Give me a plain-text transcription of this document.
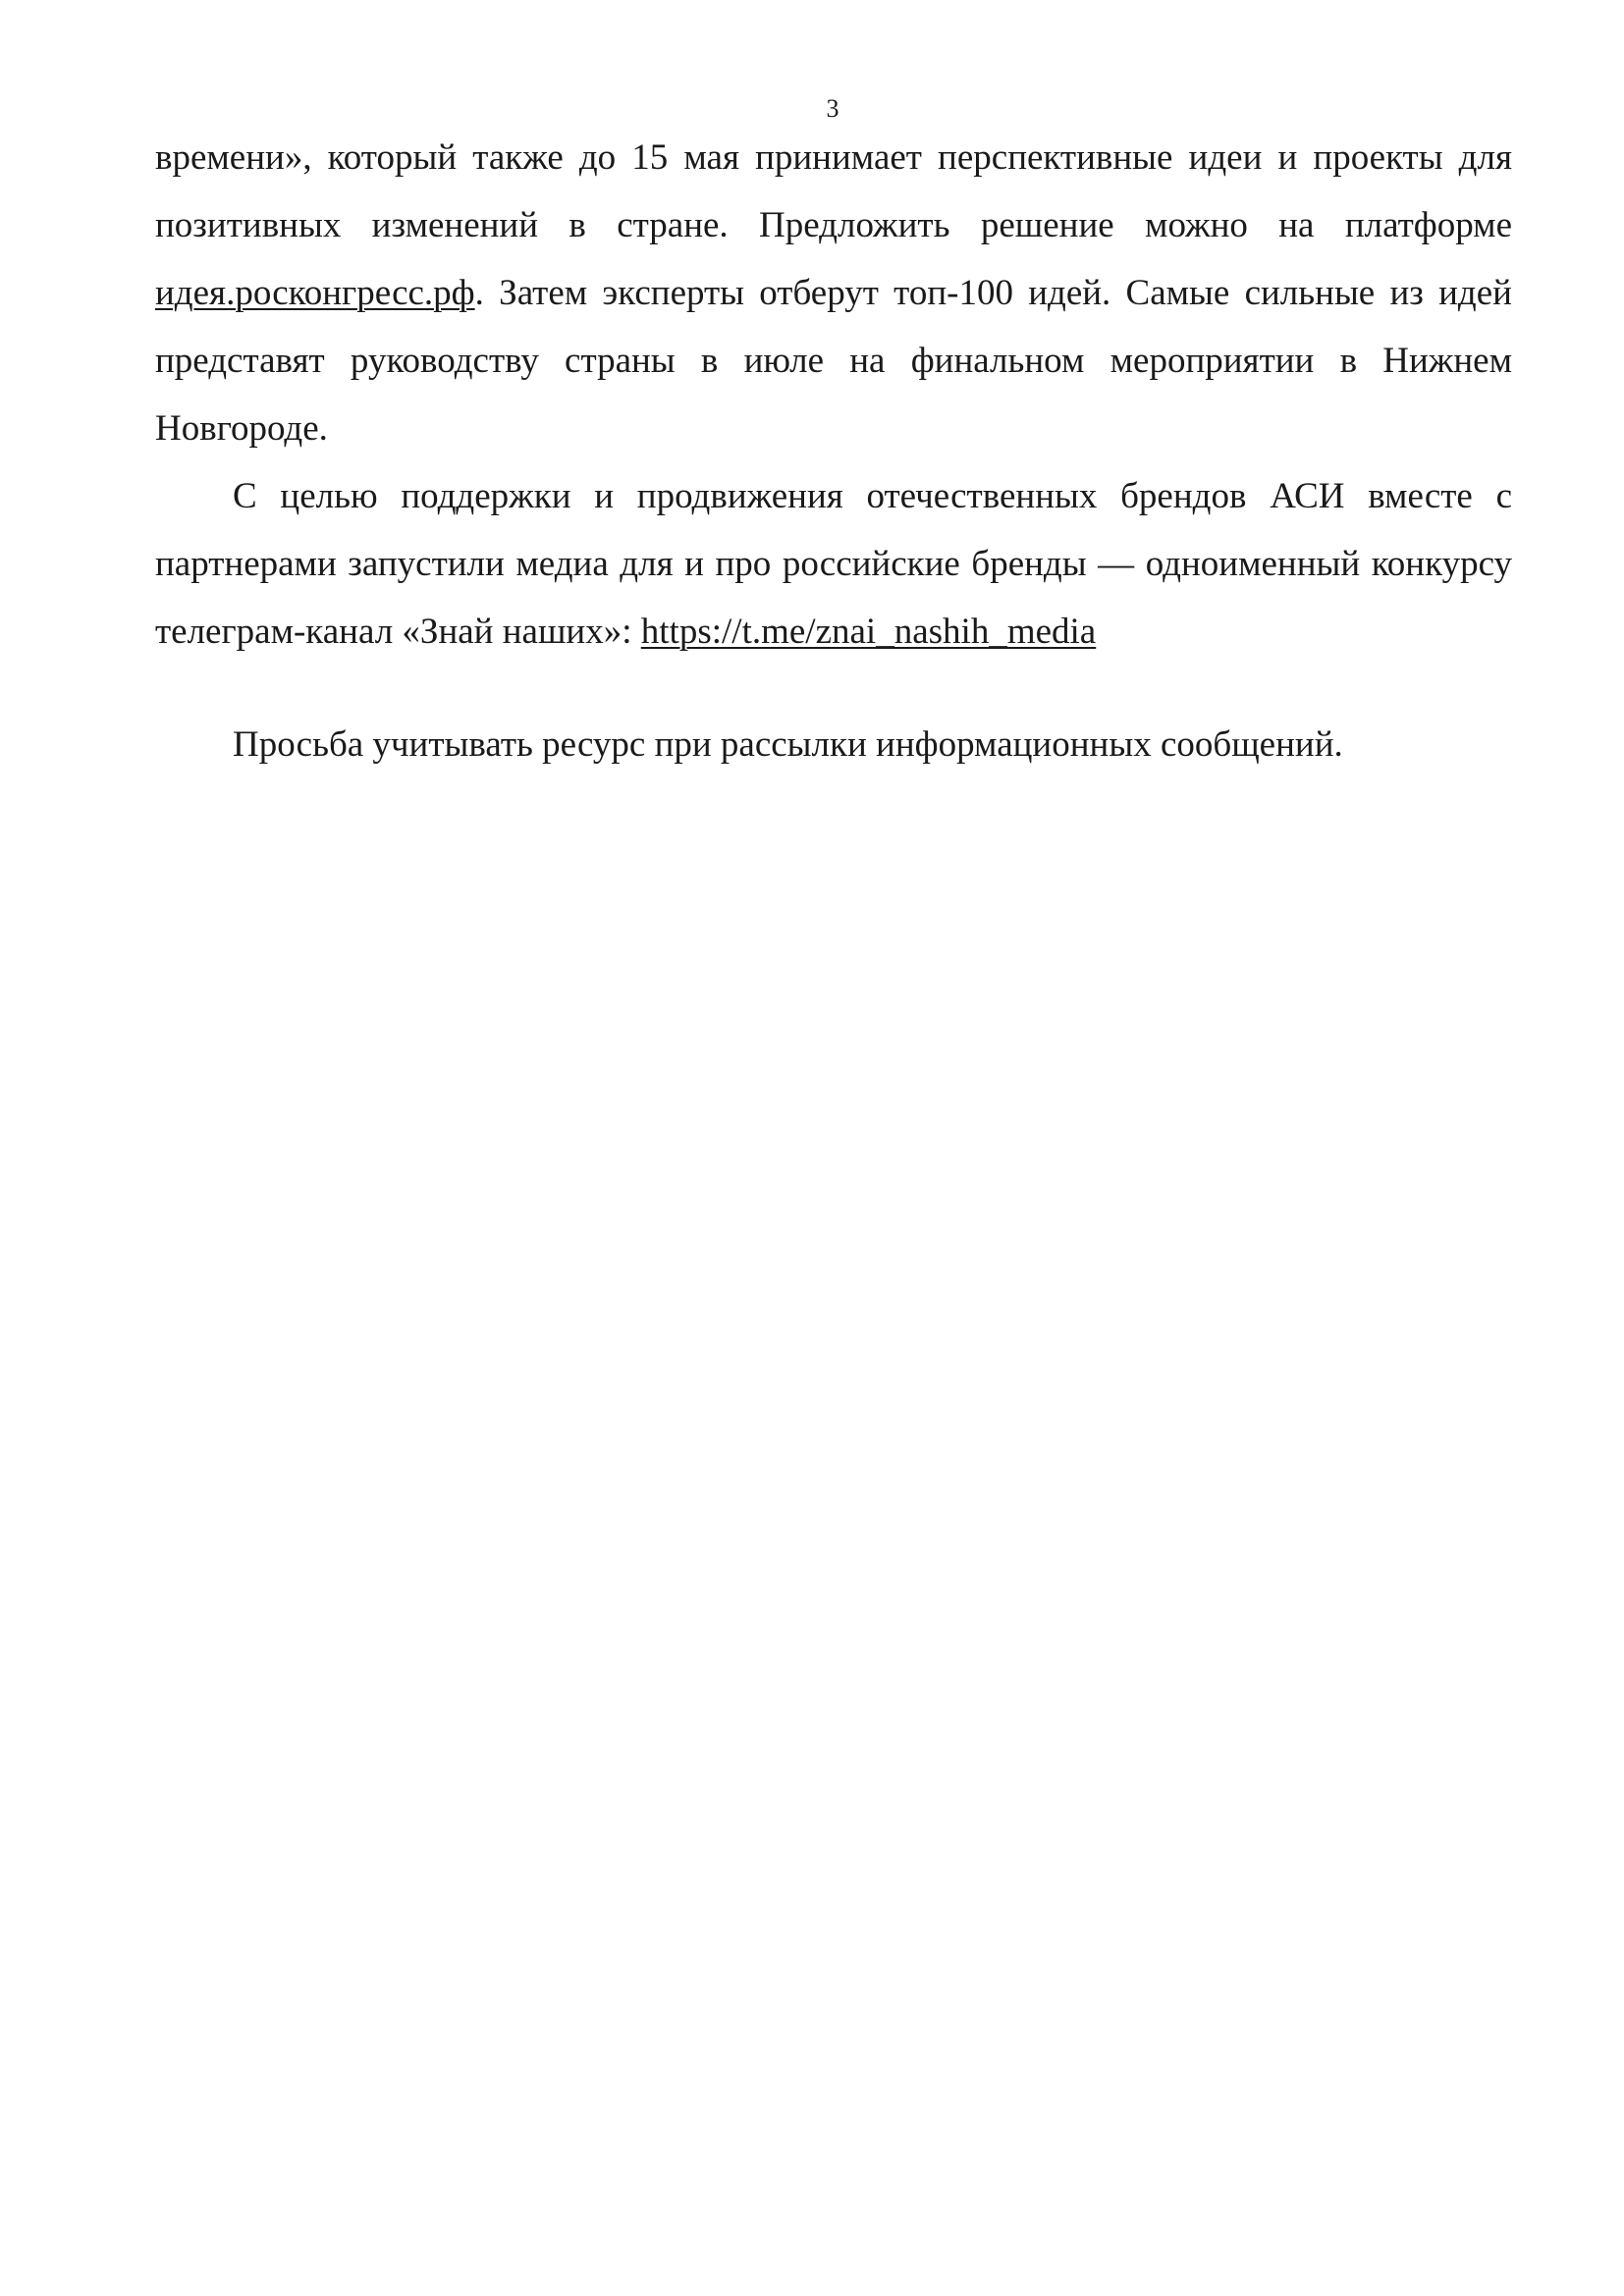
3

времени», который также до 15 мая принимает перспективные идеи и проекты для позитивных изменений в стране. Предложить решение можно на платформе идея.росконгресс.рф. Затем эксперты отберут топ-100 идей. Самые сильные из идей представят руководству страны в июле на финальном мероприятии в Нижнем Новгороде.

С целью поддержки и продвижения отечественных брендов АСИ вместе с партнерами запустили медиа для и про российские бренды — одноименный конкурсу телеграм-канал «Знай наших»: https://t.me/znai_nashih_media

Просьба учитывать ресурс при рассылки информационных сообщений.
